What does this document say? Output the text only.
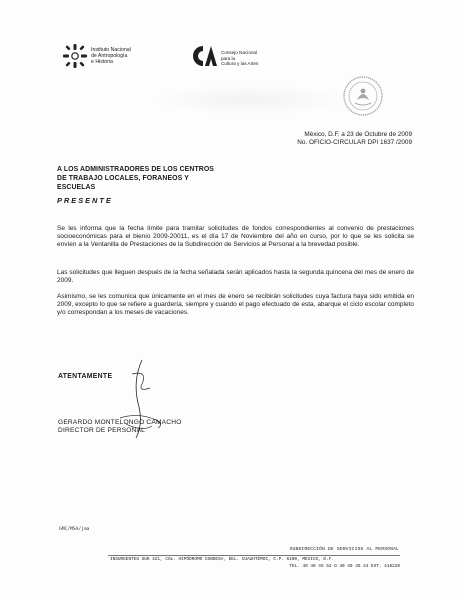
Instituto Nacional
de Antropología
e Historia
Consejo Nacional
para la
Cultura y las Artes
México, D.F. a 23 de Octubre de 2009
No. OFICIO-CIRCULAR DPI 1637 /2009
A LOS ADMINISTRADORES DE LOS CENTROS
DE TRABAJO LOCALES, FORANEOS Y
ESCUELAS
PRESENTE
Se les informa que la fecha límite para tramitar solicitudes de fondos correspondientes al convenio de prestaciones socioeconómicas para el bienio 2009-20011, es el día 17 de Noviembre del año en curso, por lo que se les solicita se envíen a la Ventanilla de Prestaciones de la Subdirección de Servicios al Personal a la brevedad posible.
Las solicitudes que lleguen después de la fecha señalada serán aplicados hasta la segunda quincena del mes de enero de 2009.
Asimismo, se les comunica que únicamente en el mes de enero se recibirán solicitudes cuya factura haya sido emitida en 2009, excepto lo que se refiere a guardería, siempre y cuando el pago efectuado de esta, abarque el ciclo escolar completo y/o correspondan a los meses de vacaciones.
ATENTAMENTE
GERARDO MONTELONGO CAMACHO
DIRECTOR DE PERSONAL
GMC/MSA/jma
SUBDIRECCIÓN DE SERVICIOS AL PERSONAL
INSURGENTES SUR 421, COL. HIPÓDROMO CONDESA, DEL. CUAUHTÉMOC, C.P. 6100, MÉXICO, D.F.
TEL. 40 40 45 52 O 40 40 45 24 EXT. 416220
